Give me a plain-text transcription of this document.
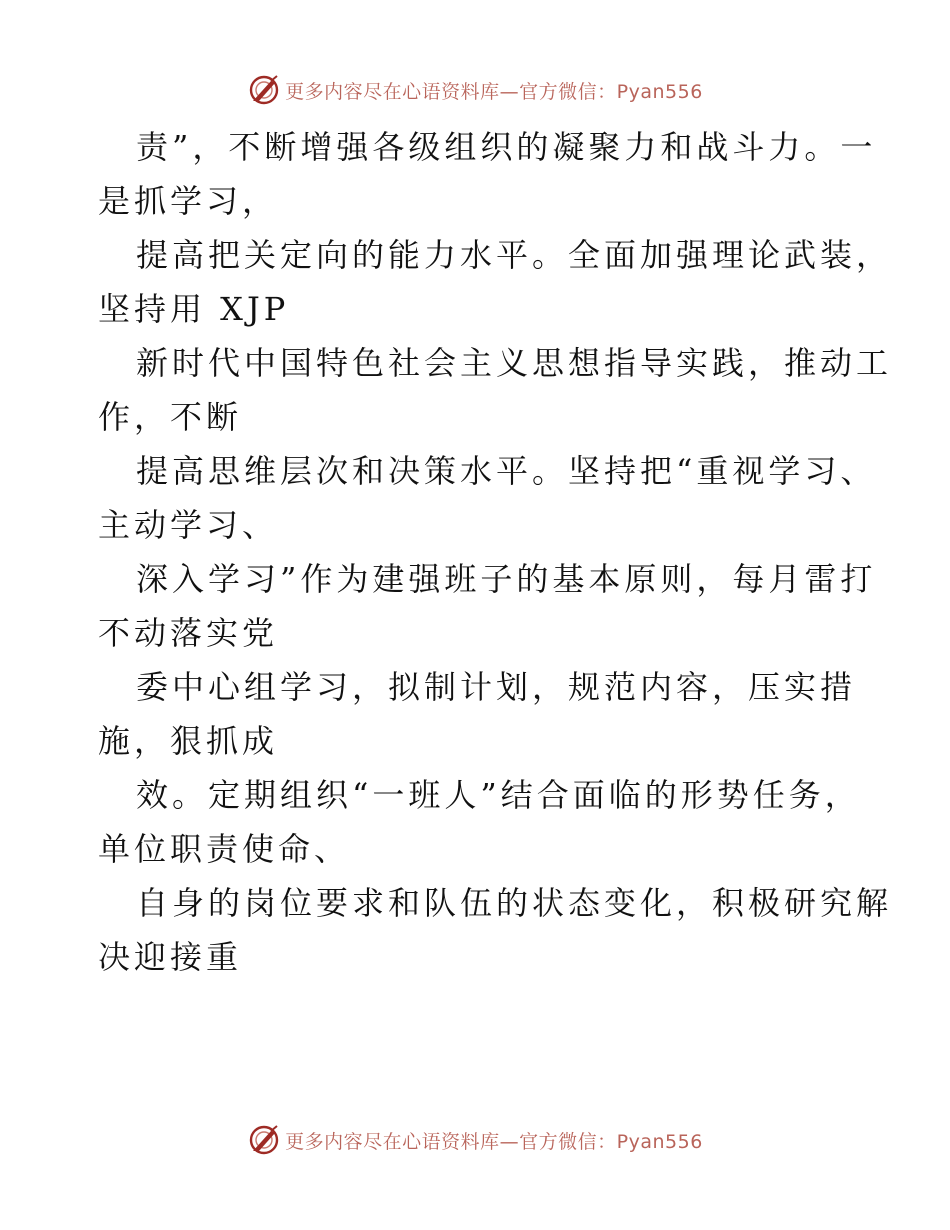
更多内容尽在心语资料库—官方微信：Pyan556
责”，不断增强各级组织的凝聚力和战斗力。一
是抓学习，
提高把关定向的能力水平。全面加强理论武装，
坚持用 XJP
新时代中国特色社会主义思想指导实践，推动工
作，不断
提高思维层次和决策水平。坚持把“重视学习、
主动学习、
深入学习”作为建强班子的基本原则，每月雷打
不动落实党
委中心组学习，拟制计划，规范内容，压实措
施，狠抓成
效。定期组织“一班人”结合面临的形势任务，
单位职责使命、
自身的岗位要求和队伍的状态变化，积极研究解
决迎接重
更多内容尽在心语资料库—官方微信：Pyan556
